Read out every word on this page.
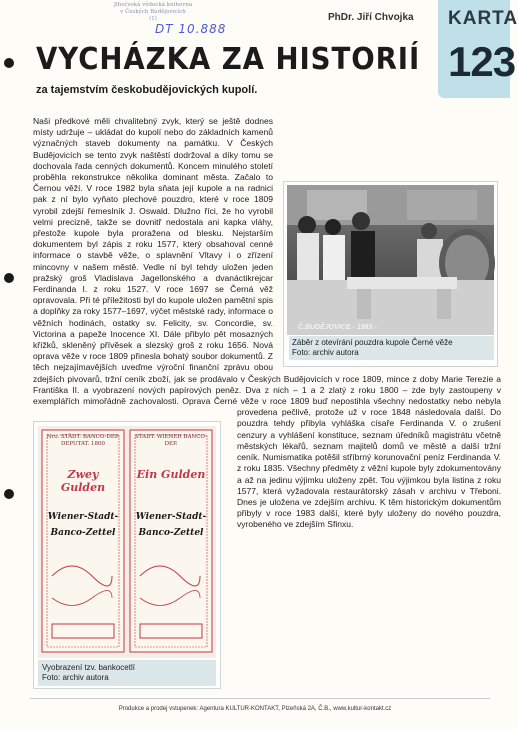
Jihočeská vědecká knihovna
v Českých Budějovicích
(1)
DT 10.888
PhDr. Jiří Chvojka KARTA
123
VYCHÁZKA ZA HISTORIÍ
za tajemstvím českobudějovických kupolí.
Naši předkové měli chvalitebný zvyk, který se ještě dodnes místy udržuje – ukládat do kupolí nebo do základních kamenů význačných staveb dokumenty na památku. V Českých Budějovicích se tento zvyk naštěstí dodržoval a díky tomu se dochovala řada cenných dokumentů. Koncem minulého století proběhla rekonstrukce několika dominant města. Začalo to Černou věží. V roce 1982 byla sňata její kupole a na radnici pak z ní bylo vyňato plechové pouzdro, které v roce 1809 vyrobil zdejší řemeslník J. Oswald. Dlužno říci, že ho vyrobil velmi precizně, takže se dovnitř nedostala ani kapka vláhy, přestože kupole byla proražena od blesku. Nejstarším dokumentem byl zápis z roku 1577, který obsahoval cenné informace o stavbě věže, o splavnění Vltavy i o zřízení mincovny v našem městě. Vedle ní byl tehdy uložen jeden pražský groš Vladislava Jagellonského a dvanáctikrejcar Ferdinanda I. z roku 1527. V roce 1697 se Černá věž opravovala. Při té příležitosti byl do kupole uložen pamětní spis a doplňky za roky 1577–1697, výčet městské rady, informace o věžních hodinách, ostatky sv. Felicity, sv. Concordie, sv. Victorina a papeže Inocence XI. Dále přibylo pět mosazných křížků, skleněný přívěsek a slezský groš z roku 1656. Nová oprava věže v roce 1809 přinesla bohatý soubor dokumentů. Z těch nejzajímavějších uveďme výroční finanční zprávu obou zdejších pivovarů, tržní ceník zboží, jak se prodávalo v Českých Budějovicích v roce 1809, mince z doby Marie Terezie a Františka II. a vyobrazení nových papírových peněz. Dva z nich – 1 a 2 zlatý z roku 1800 – zde byly zastoupeny v exemplářích mimořádně zachovalosti. Oprava Černé věže v roce 1809 buď nepostihla všechny nedostatky nebo nebyla provedena pečlivě, protože už v roce 1848 následovala další. Do pouzdra tehdy přibyla vyhláška císaře Ferdinanda V. o zrušení cenzury a vyhlášení konstituce, seznam úředníků magistrátu včetně městských lékařů, seznam majitelů domů ve městě a další tržní ceník. Numismatika potěšil stříbrný korunovační peníz Ferdinanda V. z roku 1835. Všechny předměty z věžní kupole byly zdokumentovány a až na jedinu výjimku uloženy zpět. Tou výjimkou byla listina z roku 1577, která vyžadovala restaurátorský zásah v archivu v Třeboni. Dnes je uložena ve zdejším archivu. K těm historickým dokumentům přibyly v roce 1983 další, které byly uloženy do nového pouzdra, vyrobeného ve zdejším Sfinxu.
Č.BUDĚJOVICE - 1983 -
Záběr z otevírání pouzdra kupole Černé věže
Foto: archiv autora
Nro. STÄDT. BANCO-DEP. DEPUTAT. 1800
STADT. WIENER BANCO-DEP.
Zwey Gulden
Ein Gulden
Wiener-Stadt-	Wiener-Stadt-
Banco-Zettel	Banco-Zettel
Vyobrazení tzv. bankocetlí
Foto: archiv autora
Produkce a prodej vstupenek: Agentura KULTUR-KONTAKT, Plzeňská 2A, Č.B., www.kultur-kontakt.cz
